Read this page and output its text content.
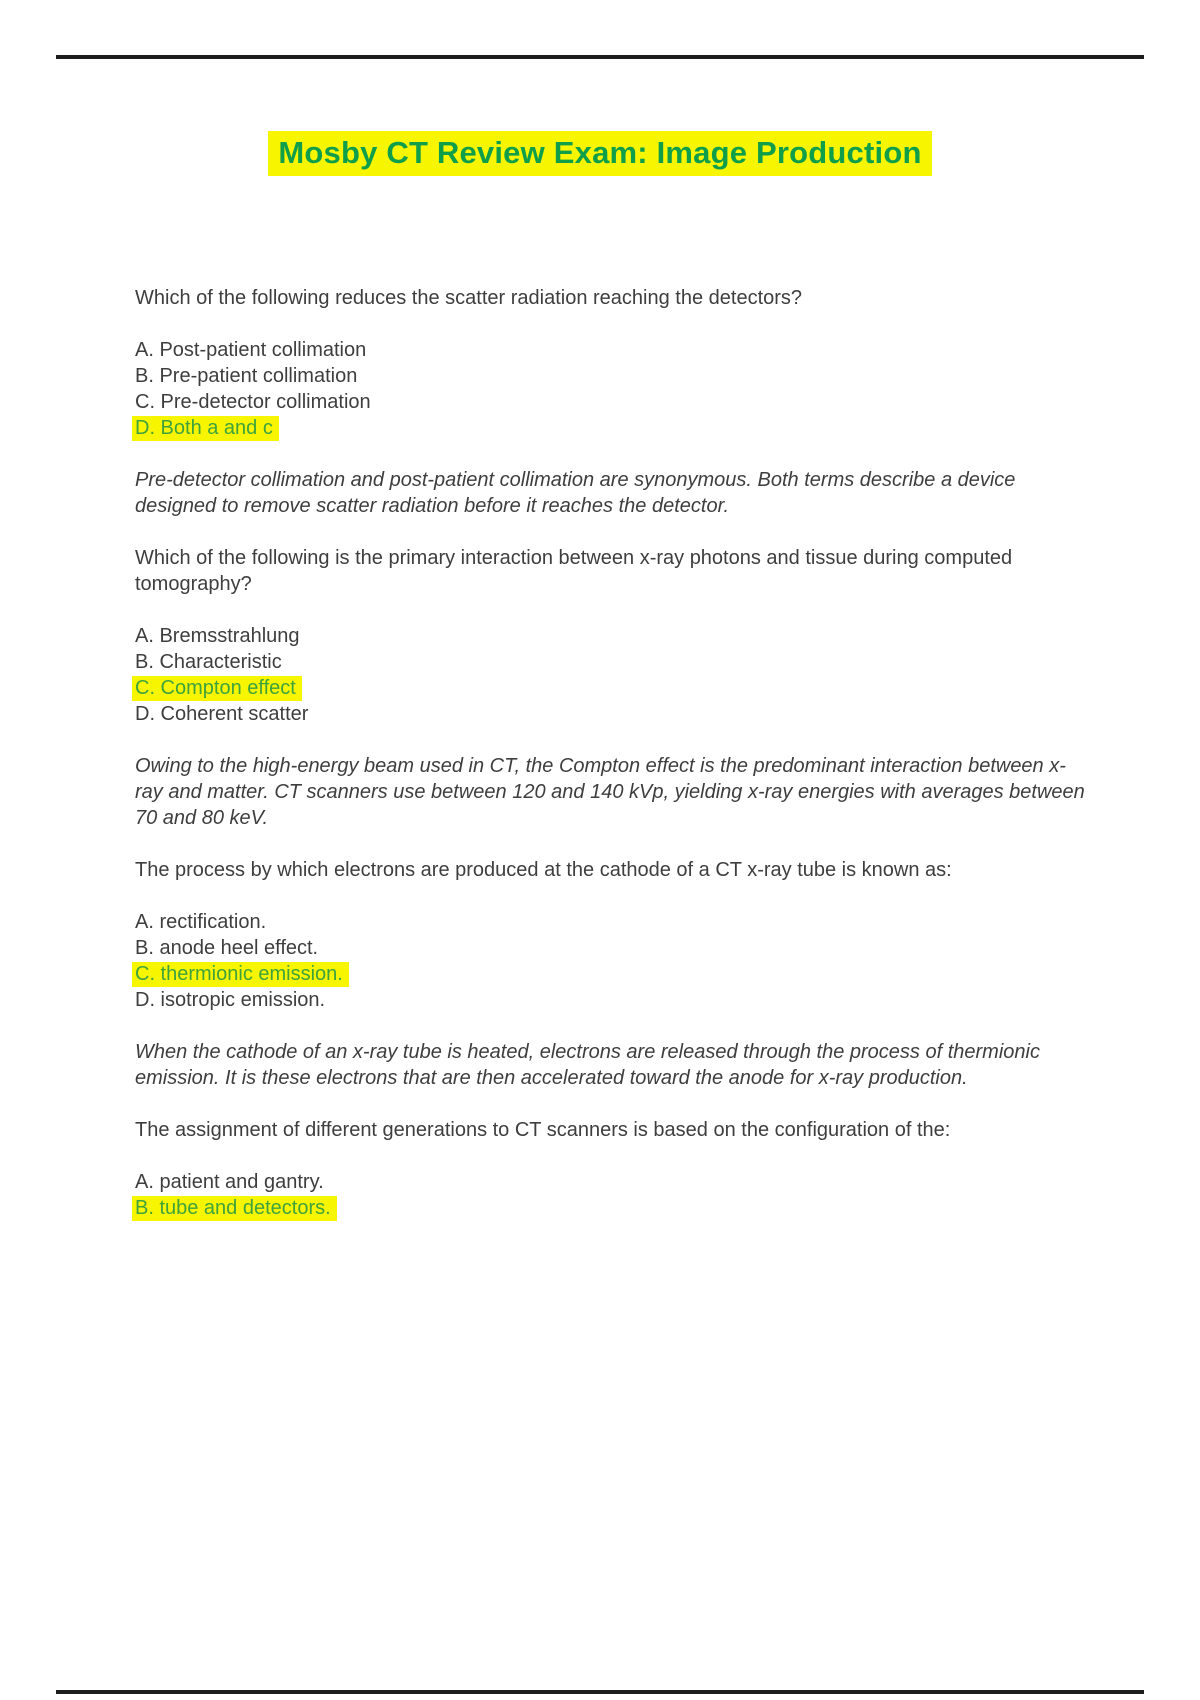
Mosby CT Review Exam: Image Production

Which of the following reduces the scatter radiation reaching the detectors?

A. Post-patient collimation
B. Pre-patient collimation
C. Pre-detector collimation
D. Both a and c

Pre-detector collimation and post-patient collimation are synonymous. Both terms describe a device designed to remove scatter radiation before it reaches the detector.

Which of the following is the primary interaction between x-ray photons and tissue during computed tomography?

A. Bremsstrahlung
B. Characteristic
C. Compton effect
D. Coherent scatter

Owing to the high-energy beam used in CT, the Compton effect is the predominant interaction between x-ray and matter. CT scanners use between 120 and 140 kVp, yielding x-ray energies with averages between 70 and 80 keV.

The process by which electrons are produced at the cathode of a CT x-ray tube is known as:

A. rectification.
B. anode heel effect.
C. thermionic emission.
D. isotropic emission.

When the cathode of an x-ray tube is heated, electrons are released through the process of thermionic emission. It is these electrons that are then accelerated toward the anode for x-ray production.

The assignment of different generations to CT scanners is based on the configuration of the:

A. patient and gantry.
B. tube and detectors.
